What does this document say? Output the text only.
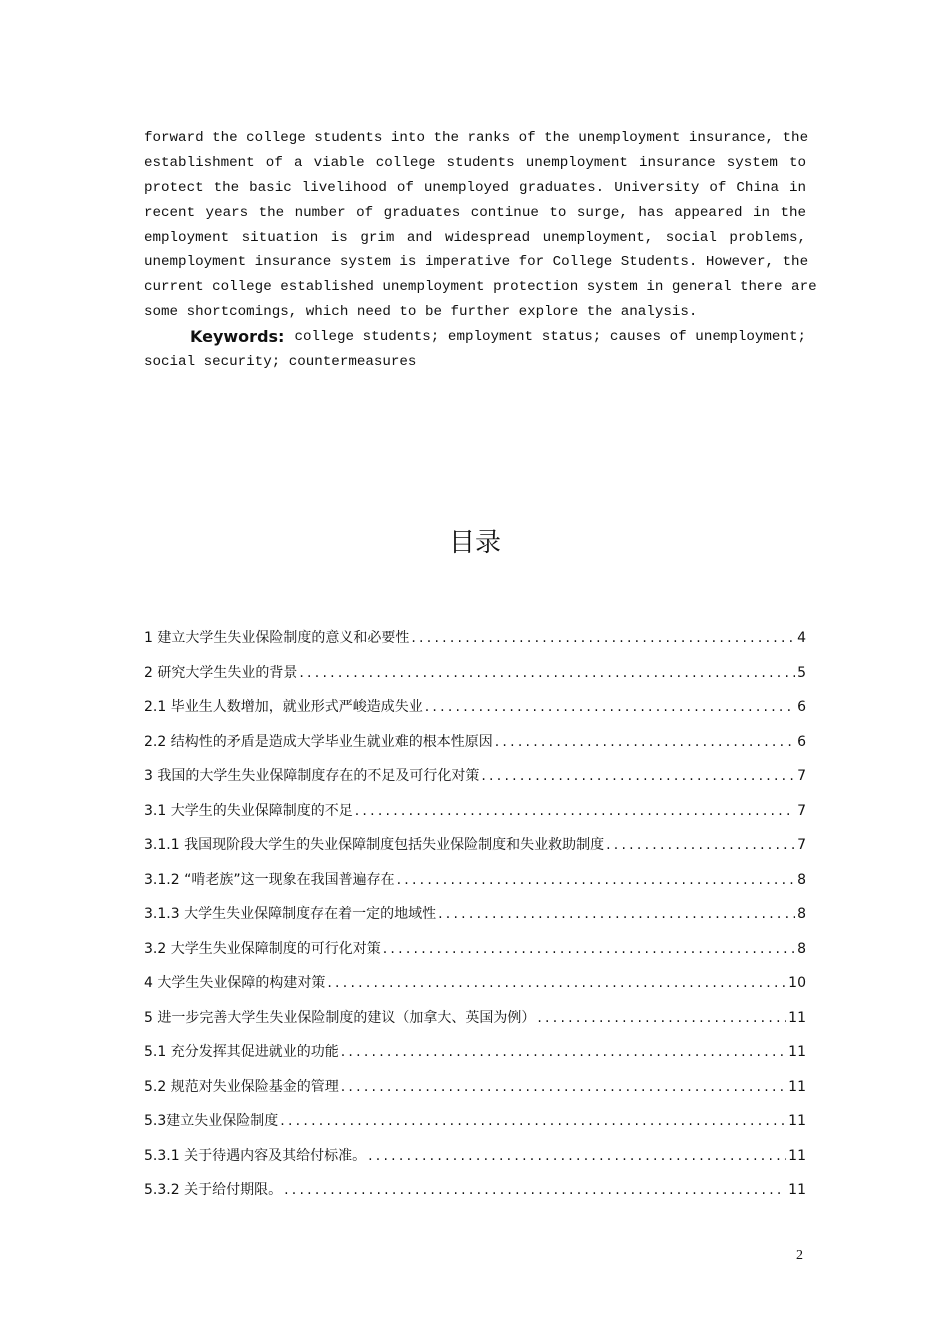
forward the college students into the ranks of the unemployment insurance, the
establishment of a viable college students unemployment insurance system to
protect the basic livelihood of unemployed graduates. University of China in
recent years the number of graduates continue to surge, has appeared in the
employment situation is grim and widespread unemployment, social problems,
unemployment insurance system is imperative for College Students. However, the
current college established unemployment protection system in general there are
some shortcomings, which need to be further explore the analysis.
Keywords: college students; employment status; causes of unemployment;
social security; countermeasures
目录
1 建立大学生失业保险制度的意义和必要性 . . .	4
2 研究大学生失业的背景 . . .	5
2.1 毕业生人数增加，就业形式严峻造成失业 . . .	6
2.2 结构性的矛盾是造成大学毕业生就业难的根本性原因 . . .	6
3 我国的大学生失业保障制度存在的不足及可行化对策 . . .	7
3.1 大学生的失业保障制度的不足 . . .	7
3.1.1 我国现阶段大学生的失业保障制度包括失业保险制度和失业救助制度 . . .	7
3.1.2 “啃老族”这一现象在我国普遍存在 . . .	8
3.1.3 大学生失业保障制度存在着一定的地域性 . . .	8
3.2 大学生失业保障制度的可行化对策 . . .	8
4 大学生失业保障的构建对策 . . .	10
5 进一步完善大学生失业保险制度的建议（加拿大、英国为例） . . .	11
5.1 充分发挥其促进就业的功能 . . .	11
5.2 规范对失业保险基金的管理 . . .	11
5.3建立失业保险制度 . . .	11
5.3.1 关于待遇内容及其给付标准。 . . .	11
5.3.2 关于给付期限。 . . .	11
2
